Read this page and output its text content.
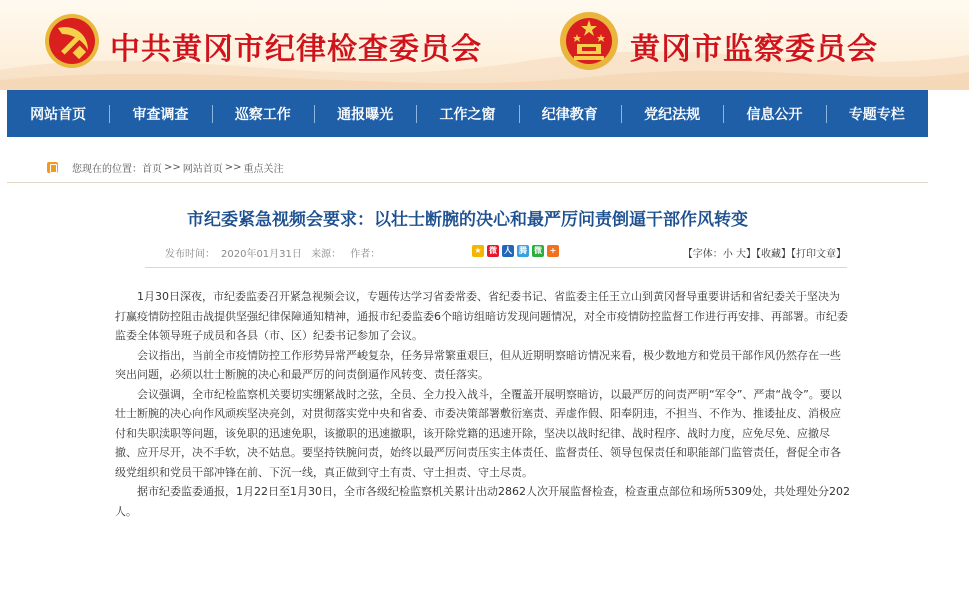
中共黄冈市纪律检查委员会	黄冈市监察委员会
网站首页	审查调查	巡察工作	通报曝光	工作之窗	纪律教育	党纪法规	信息公开	专题专栏
您现在的位置： 首页 >> 网站首页 >> 重点关注
市纪委紧急视频会要求：以壮士断腕的决心和最严厉问责倒逼干部作风转变
发布时间： 2020年01月31日 来源： 作者：	★ 微 人 腾 微 +	【字体：小 大】【收藏】【打印文章】

1月30日深夜，市纪委监委召开紧急视频会议，专题传达学习省委常委、省纪委书记、省监委主任王立山到黄冈督导重要讲话和省纪委关于坚决为打赢疫情防控阻击战提供坚强纪律保障通知精神，通报市纪委监委6个暗访组暗访发现问题情况，对全市疫情防控监督工作进行再安排、再部署。市纪委监委全体领导班子成员和各县（市、区）纪委书记参加了会议。

会议指出，当前全市疫情防控工作形势异常严峻复杂，任务异常繁重艰巨，但从近期明察暗访情况来看，极少数地方和党员干部作风仍然存在一些突出问题，必须以壮士断腕的决心和最严厉的问责倒逼作风转变、责任落实。

会议强调，全市纪检监察机关要切实绷紧战时之弦，全员、全力投入战斗，全覆盖开展明察暗访，以最严厉的问责严明“军令”、严肃“战令”。要以壮士断腕的决心向作风顽疾坚决亮剑，对贯彻落实党中央和省委、市委决策部署敷衍塞责、弄虚作假、阳奉阴违，不担当、不作为、推诿扯皮、消极应付和失职渎职等问题，该免职的迅速免职，该撤职的迅速撤职，该开除党籍的迅速开除，坚决以战时纪律、战时程序、战时力度，应免尽免、应撤尽撤、应开尽开，决不手软，决不姑息。要坚持铁腕问责，始终以最严厉问责压实主体责任、监督责任、领导包保责任和职能部门监管责任，督促全市各级党组织和党员干部冲锋在前、下沉一线，真正做到守土有责、守土担责、守土尽责。

据市纪委监委通报，1月22日至1月30日，全市各级纪检监察机关累计出动2862人次开展监督检查，检查重点部位和场所5309处，共处理处分202人。
